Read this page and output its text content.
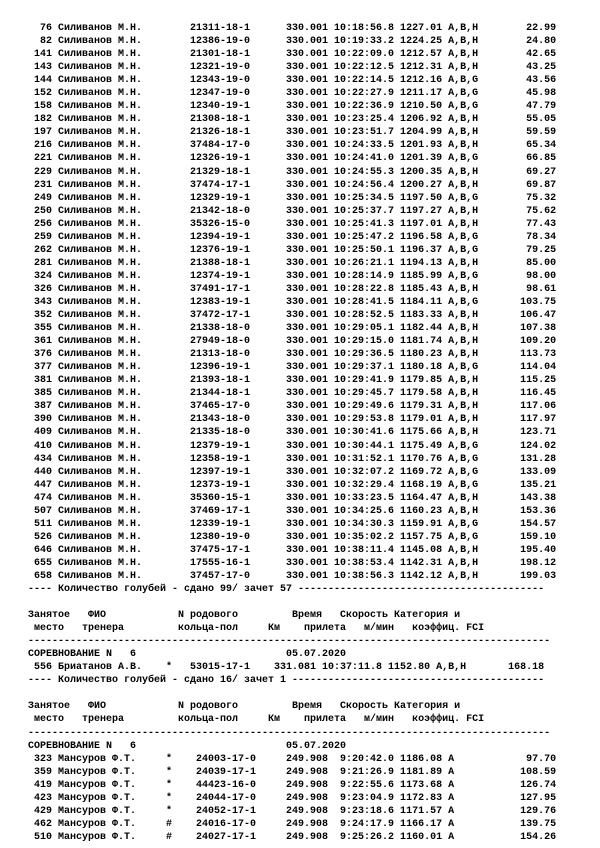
76 Силиванов М.Н.        21311-18-1      330.001 10:18:56.8 1227.01 A,B,H        22.99
82 Силиванов М.Н.        12386-19-0      330.001 10:19:33.2 1224.25 A,B,H        24.80
141 Силиванов М.Н.        21301-18-1      330.001 10:22:09.0 1212.57 A,B,H        42.65
143 Силиванов М.Н.        12321-19-0      330.001 10:22:12.5 1212.31 A,B,H        43.25
144 Силиванов М.Н.        12343-19-0      330.001 10:22:14.5 1212.16 A,B,G        43.56
152 Силиванов М.Н.        12347-19-0      330.001 10:22:27.9 1211.17 A,B,G        45.98
158 Силиванов М.Н.        12340-19-1      330.001 10:22:36.9 1210.50 A,B,G        47.79
182 Силиванов М.Н.        21308-18-1      330.001 10:23:25.4 1206.92 A,B,H        55.05
197 Силиванов М.Н.        21326-18-1      330.001 10:23:51.7 1204.99 A,B,H        59.59
216 Силиванов М.Н.        37484-17-0      330.001 10:24:33.5 1201.93 A,B,H        65.34
221 Силиванов М.Н.        12326-19-1      330.001 10:24:41.0 1201.39 A,B,G        66.85
229 Силиванов М.Н.        21329-18-1      330.001 10:24:55.3 1200.35 A,B,H        69.27
231 Силиванов М.Н.        37474-17-1      330.001 10:24:56.4 1200.27 A,B,H        69.87
249 Силиванов М.Н.        12329-19-1      330.001 10:25:34.5 1197.50 A,B,G        75.32
250 Силиванов М.Н.        21342-18-0      330.001 10:25:37.7 1197.27 A,B,H        75.62
256 Силиванов М.Н.        35326-15-0      330.001 10:25:41.3 1197.01 A,B,H        77.43
259 Силиванов М.Н.        12394-19-1      330.001 10:25:47.2 1196.58 A,B,G        78.34
262 Силиванов М.Н.        12376-19-1      330.001 10:25:50.1 1196.37 A,B,G        79.25
281 Силиванов М.Н.        21388-18-1      330.001 10:26:21.1 1194.13 A,B,H        85.00
324 Силиванов М.Н.        12374-19-1      330.001 10:28:14.9 1185.99 A,B,G        98.00
326 Силиванов М.Н.        37491-17-1      330.001 10:28:22.8 1185.43 A,B,H        98.61
343 Силиванов М.Н.        12383-19-1      330.001 10:28:41.5 1184.11 A,B,G       103.75
352 Силиванов М.Н.        37472-17-1      330.001 10:28:52.5 1183.33 A,B,H       106.47
355 Силиванов М.Н.        21338-18-0      330.001 10:29:05.1 1182.44 A,B,H       107.38
361 Силиванов М.Н.        27949-18-0      330.001 10:29:15.0 1181.74 A,B,H       109.20
376 Силиванов М.Н.        21313-18-0      330.001 10:29:36.5 1180.23 A,B,H       113.73
377 Силиванов М.Н.        12396-19-1      330.001 10:29:37.1 1180.18 A,B,G       114.04
381 Силиванов М.Н.        21393-18-1      330.001 10:29:41.9 1179.85 A,B,H       115.25
385 Силиванов М.Н.        21344-18-1      330.001 10:29:45.7 1179.58 A,B,H       116.45
387 Силиванов М.Н.        37465-17-0      330.001 10:29:49.6 1179.31 A,B,H       117.06
390 Силиванов М.Н.        21343-18-0      330.001 10:29:53.8 1179.01 A,B,H       117.97
409 Силиванов М.Н.        21335-18-0      330.001 10:30:41.6 1175.66 A,B,H       123.71
410 Силиванов М.Н.        12379-19-1      330.001 10:30:44.1 1175.49 A,B,G       124.02
434 Силиванов М.Н.        12358-19-1      330.001 10:31:52.1 1170.76 A,B,G       131.28
440 Силиванов М.Н.        12397-19-1      330.001 10:32:07.2 1169.72 A,B,G       133.09
447 Силиванов М.Н.        12373-19-1      330.001 10:32:29.4 1168.19 A,B,G       135.21
474 Силиванов М.Н.        35360-15-1      330.001 10:33:23.5 1164.47 A,B,H       143.38
507 Силиванов М.Н.        37469-17-1      330.001 10:34:25.6 1160.23 A,B,H       153.36
511 Силиванов М.Н.        12339-19-1      330.001 10:34:30.3 1159.91 A,B,G       154.57
526 Силиванов М.Н.        12380-19-0      330.001 10:35:02.2 1157.75 A,B,G       159.10
646 Силиванов М.Н.        37475-17-1      330.001 10:38:11.4 1145.08 A,B,H       195.40
655 Силиванов М.Н.        17555-16-1      330.001 10:38:53.4 1142.31 A,B,H       198.12
658 Силиванов М.Н.        37457-17-0      330.001 10:38:56.3 1142.12 A,B,H       199.03
---- Количество голубей - сдано 99/ зачет 57 -----------------------------------------
Занятое   ФИО            N родового         Время   Скорость Категория и
место   тренера         кольца-пол     Км    прилета   м/мин   коэффиц. FCI
---------------------------------------------------------------------------------------
СОРЕВНОВАНИЕ N   6                         05.07.2020
556 Бриатанов А.В.    *   53015-17-1    331.081 10:37:11.8 1152.80 A,B,H       168.18
---- Количество голубей - сдано 16/ зачет 1 ------------------------------------------
Занятое   ФИО            N родового         Время   Скорость Категория и
место   тренера         кольца-пол     Км    прилета   м/мин   коэффиц. FCI
---------------------------------------------------------------------------------------
СОРЕВНОВАНИЕ N   6                         05.07.2020
323 Мансуров Ф.Т.     *    24003-17-0     249.908  9:20:42.0 1186.08 A            97.70
359 Мансуров Ф.Т.     *    24039-17-1     249.908  9:21:26.9 1181.89 A           108.59
419 Мансуров Ф.Т.     *    44423-16-0     249.908  9:22:55.6 1173.68 A           126.74
423 Мансуров Ф.Т.     *    24044-17-0     249.908  9:23:04.9 1172.83 A           127.95
429 Мансуров Ф.Т.     *    24052-17-1     249.908  9:23:18.6 1171.57 A           129.76
462 Мансуров Ф.Т.     #    24016-17-0     249.908  9:24:17.9 1166.17 A           139.75
510 Мансуров Ф.Т.     #    24027-17-1     249.908  9:25:26.2 1160.01 A           154.26
